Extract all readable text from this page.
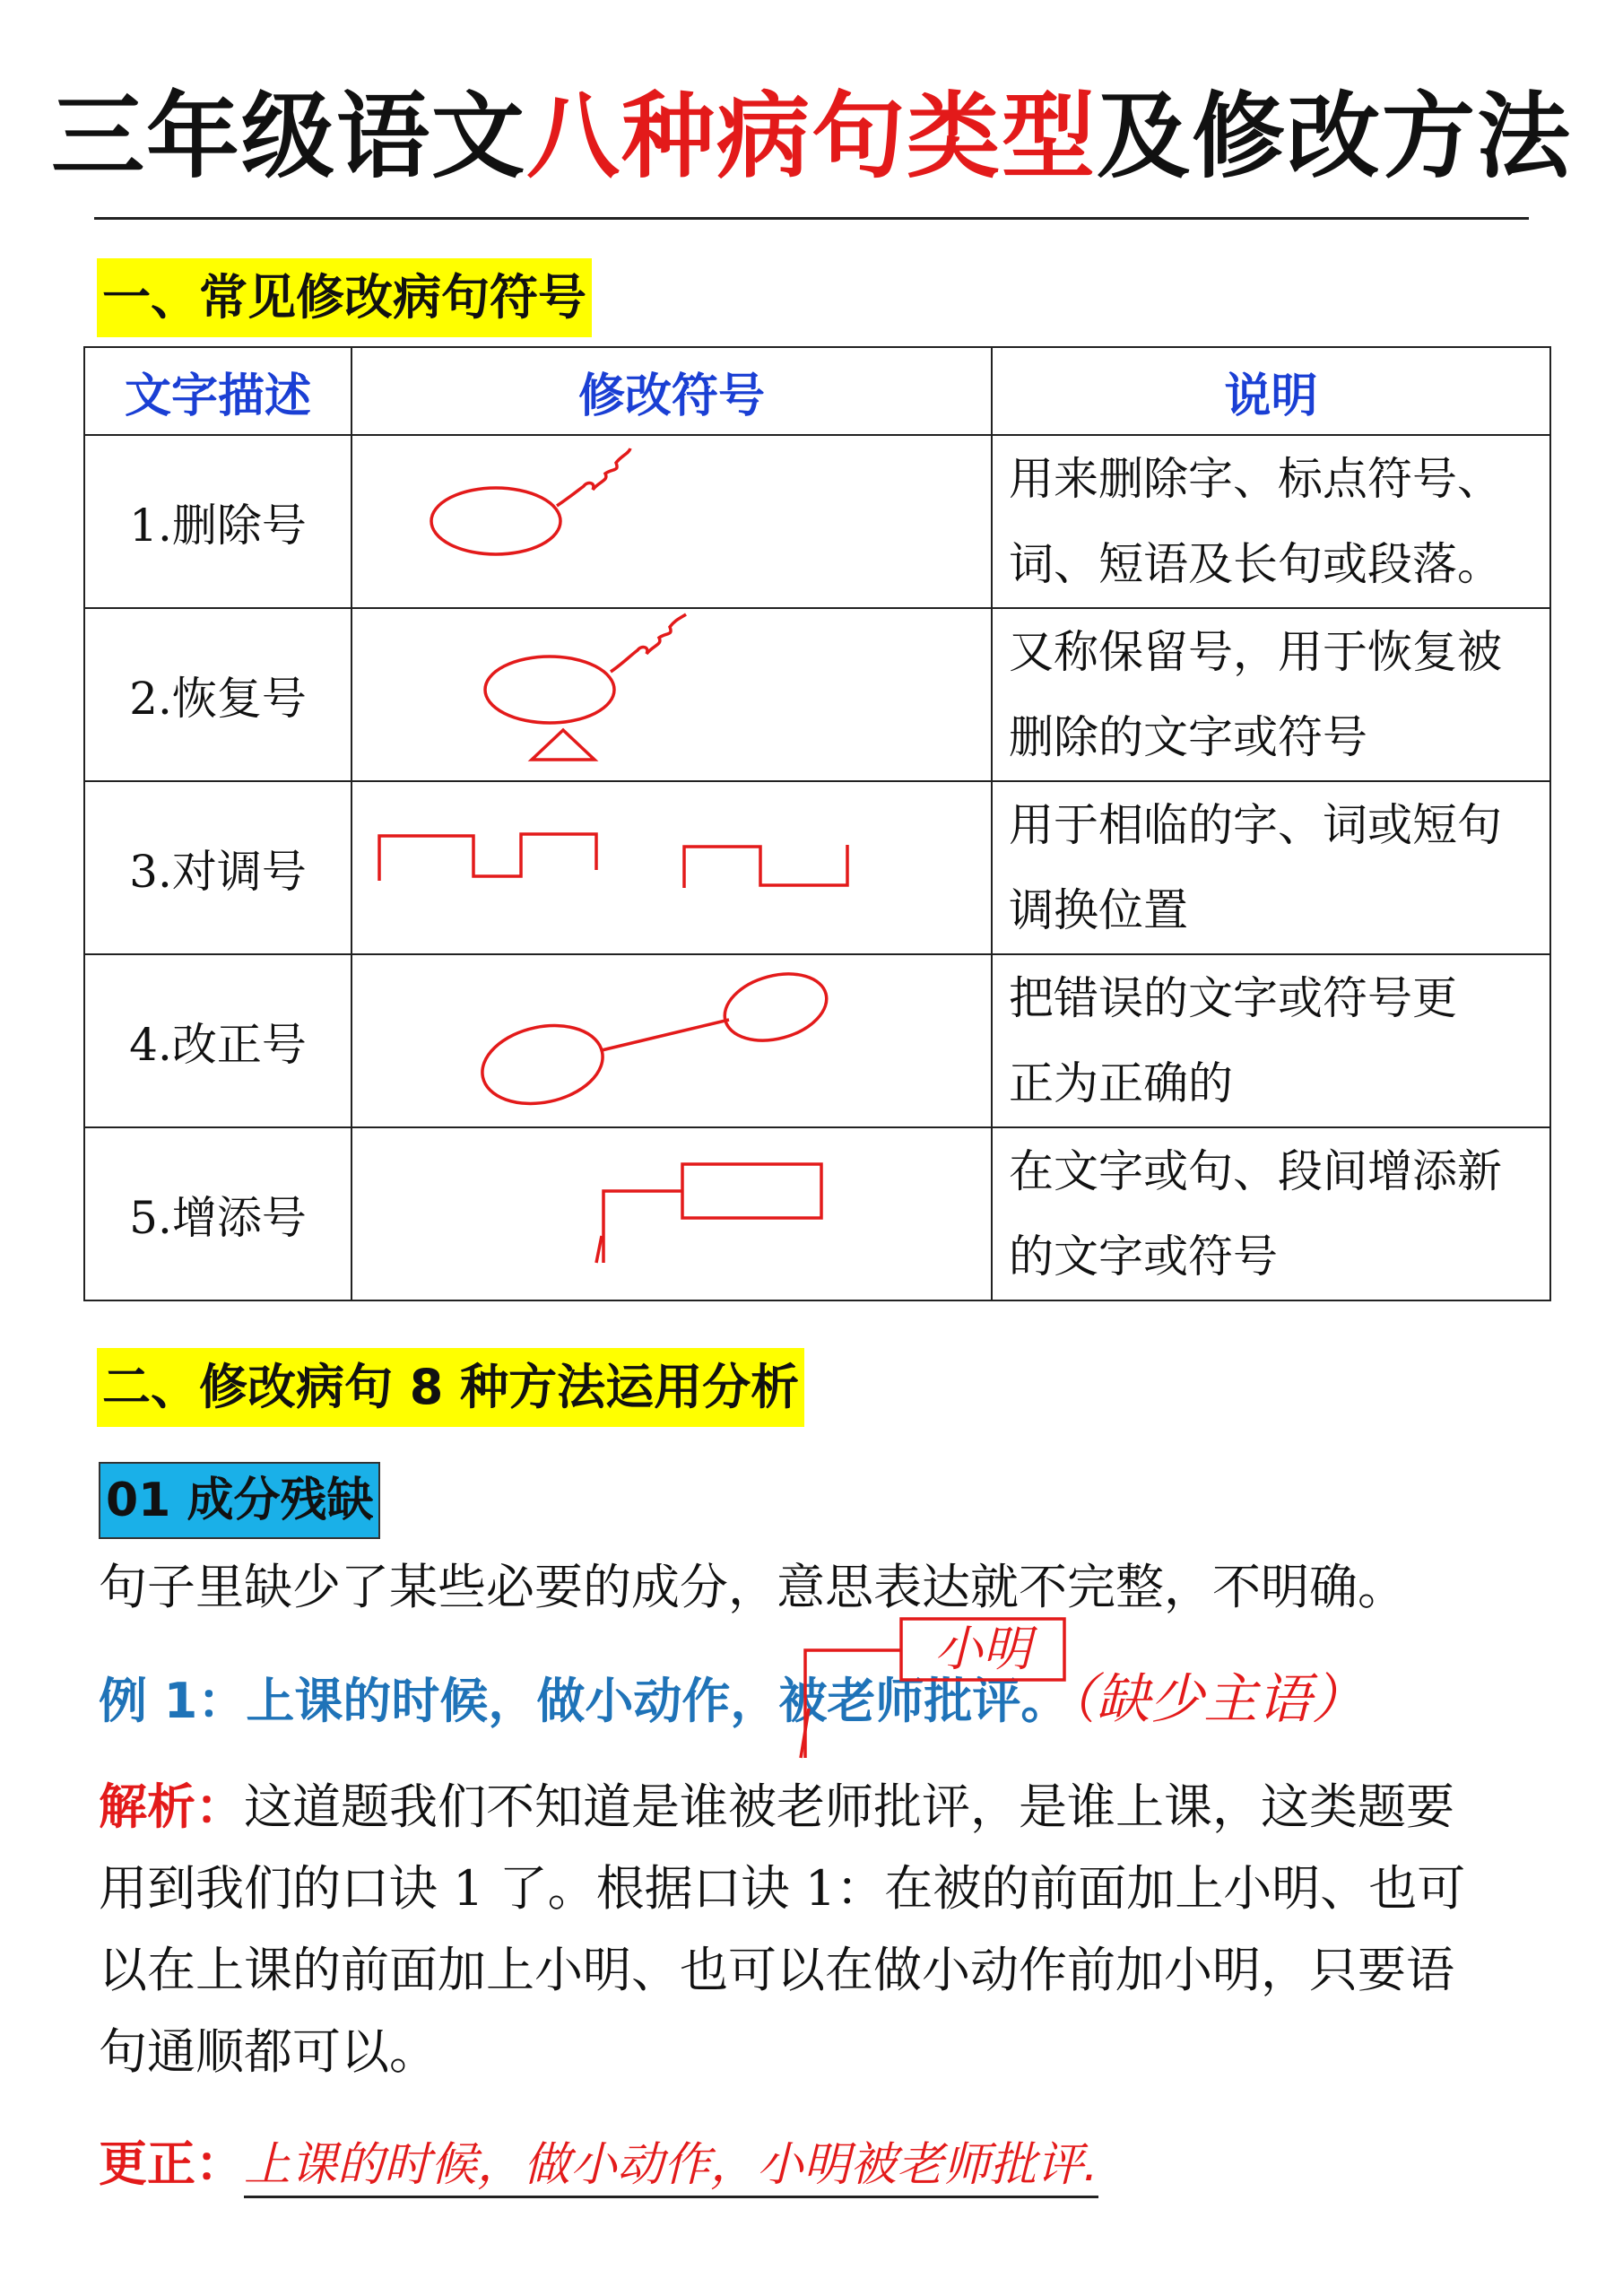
三年级语文八种病句类型及修改方法
一、常见修改病句符号
文字描述	修改符号	说明
1.删除号		用来删除字、标点符号、
词、短语及长句或段落。

2.恢复号		又称保留号，用于恢复被
删除的文字或符号

3.对调号		用于相临的字、词或短句
调换位置

4.改正号		把错误的文字或符号更
正为正确的

5.增添号		在文字或句、段间增添新
的文字或符号
二、修改病句 8 种方法运用分析
01 成分残缺
句子里缺少了某些必要的成分，意思表达就不完整，不明确。
例 1：上课的时候，做小动作，被老师批评。（缺少主语）
小明
解析：这道题我们不知道是谁被老师批评，是谁上课，这类题要
用到我们的口诀 1 了。根据口诀 1：在被的前面加上小明、也可
以在上课的前面加上小明、也可以在做小动作前加小明，只要语
句通顺都可以。
更正：上课的时候，做小动作，小明被老师批评.
